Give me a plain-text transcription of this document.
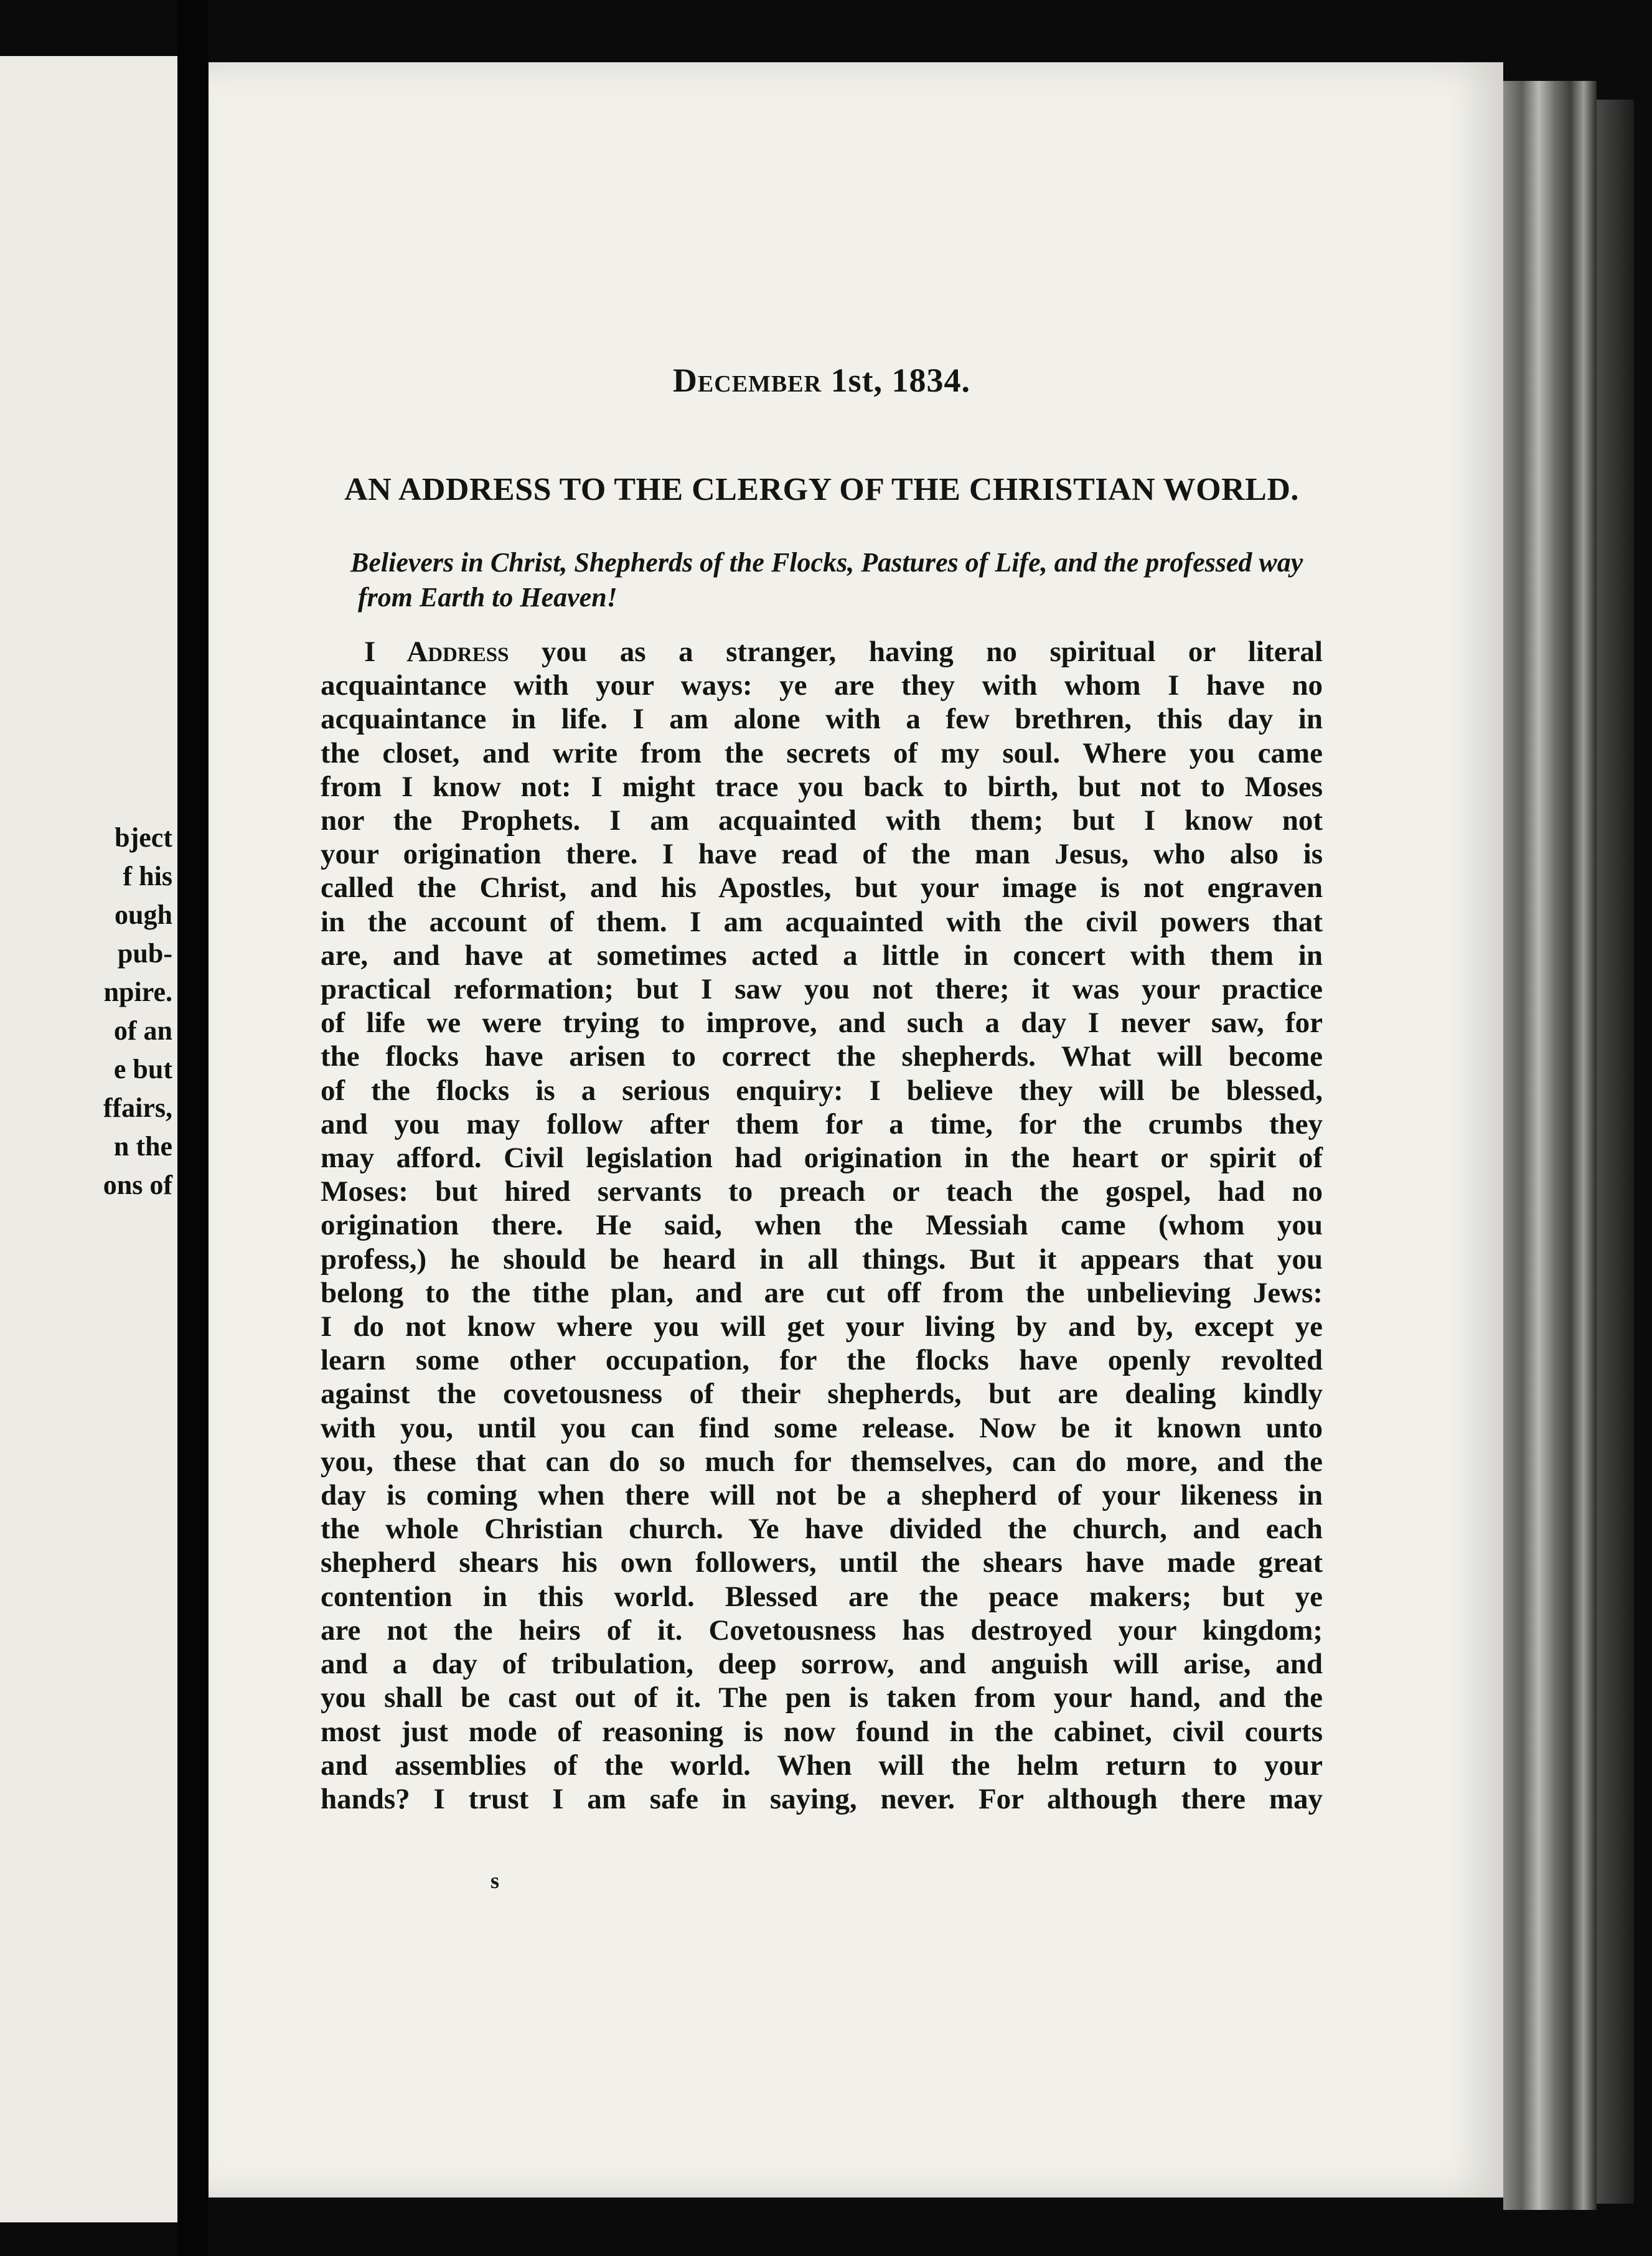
bject
f his
ough
pub-
npire.
of an
e but
ffairs,
n the
ons of
December 1st, 1834.
AN ADDRESS TO THE CLERGY OF THE CHRISTIAN WORLD.
Believers in Christ, Shepherds of the Flocks, Pastures of Life, and the professed way from Earth to Heaven!
I Address you as a stranger, having no spiritual or literal
acquaintance with your ways: ye are they with whom I have no
acquaintance in life. I am alone with a few brethren, this day in
the closet, and write from the secrets of my soul. Where you came
from I know not: I might trace you back to birth, but not to Moses
nor the Prophets. I am acquainted with them; but I know not
your origination there. I have read of the man Jesus, who also is
called the Christ, and his Apostles, but your image is not engraven
in the account of them. I am acquainted with the civil powers that
are, and have at sometimes acted a little in concert with them in
practical reformation; but I saw you not there; it was your practice
of life we were trying to improve, and such a day I never saw, for
the flocks have arisen to correct the shepherds. What will become
of the flocks is a serious enquiry: I believe they will be blessed,
and you may follow after them for a time, for the crumbs they
may afford. Civil legislation had origination in the heart or spirit of
Moses: but hired servants to preach or teach the gospel, had no
origination there. He said, when the Messiah came (whom you
profess,) he should be heard in all things. But it appears that you
belong to the tithe plan, and are cut off from the unbelieving Jews:
I do not know where you will get your living by and by, except ye
learn some other occupation, for the flocks have openly revolted
against the covetousness of their shepherds, but are dealing kindly
with you, until you can find some release. Now be it known unto
you, these that can do so much for themselves, can do more, and the
day is coming when there will not be a shepherd of your likeness in
the whole Christian church. Ye have divided the church, and each
shepherd shears his own followers, until the shears have made great
contention in this world. Blessed are the peace makers; but ye
are not the heirs of it. Covetousness has destroyed your kingdom;
and a day of tribulation, deep sorrow, and anguish will arise, and
you shall be cast out of it. The pen is taken from your hand, and the
most just mode of reasoning is now found in the cabinet, civil courts
and assemblies of the world. When will the helm return to your
hands? I trust I am safe in saying, never. For although there may
s
